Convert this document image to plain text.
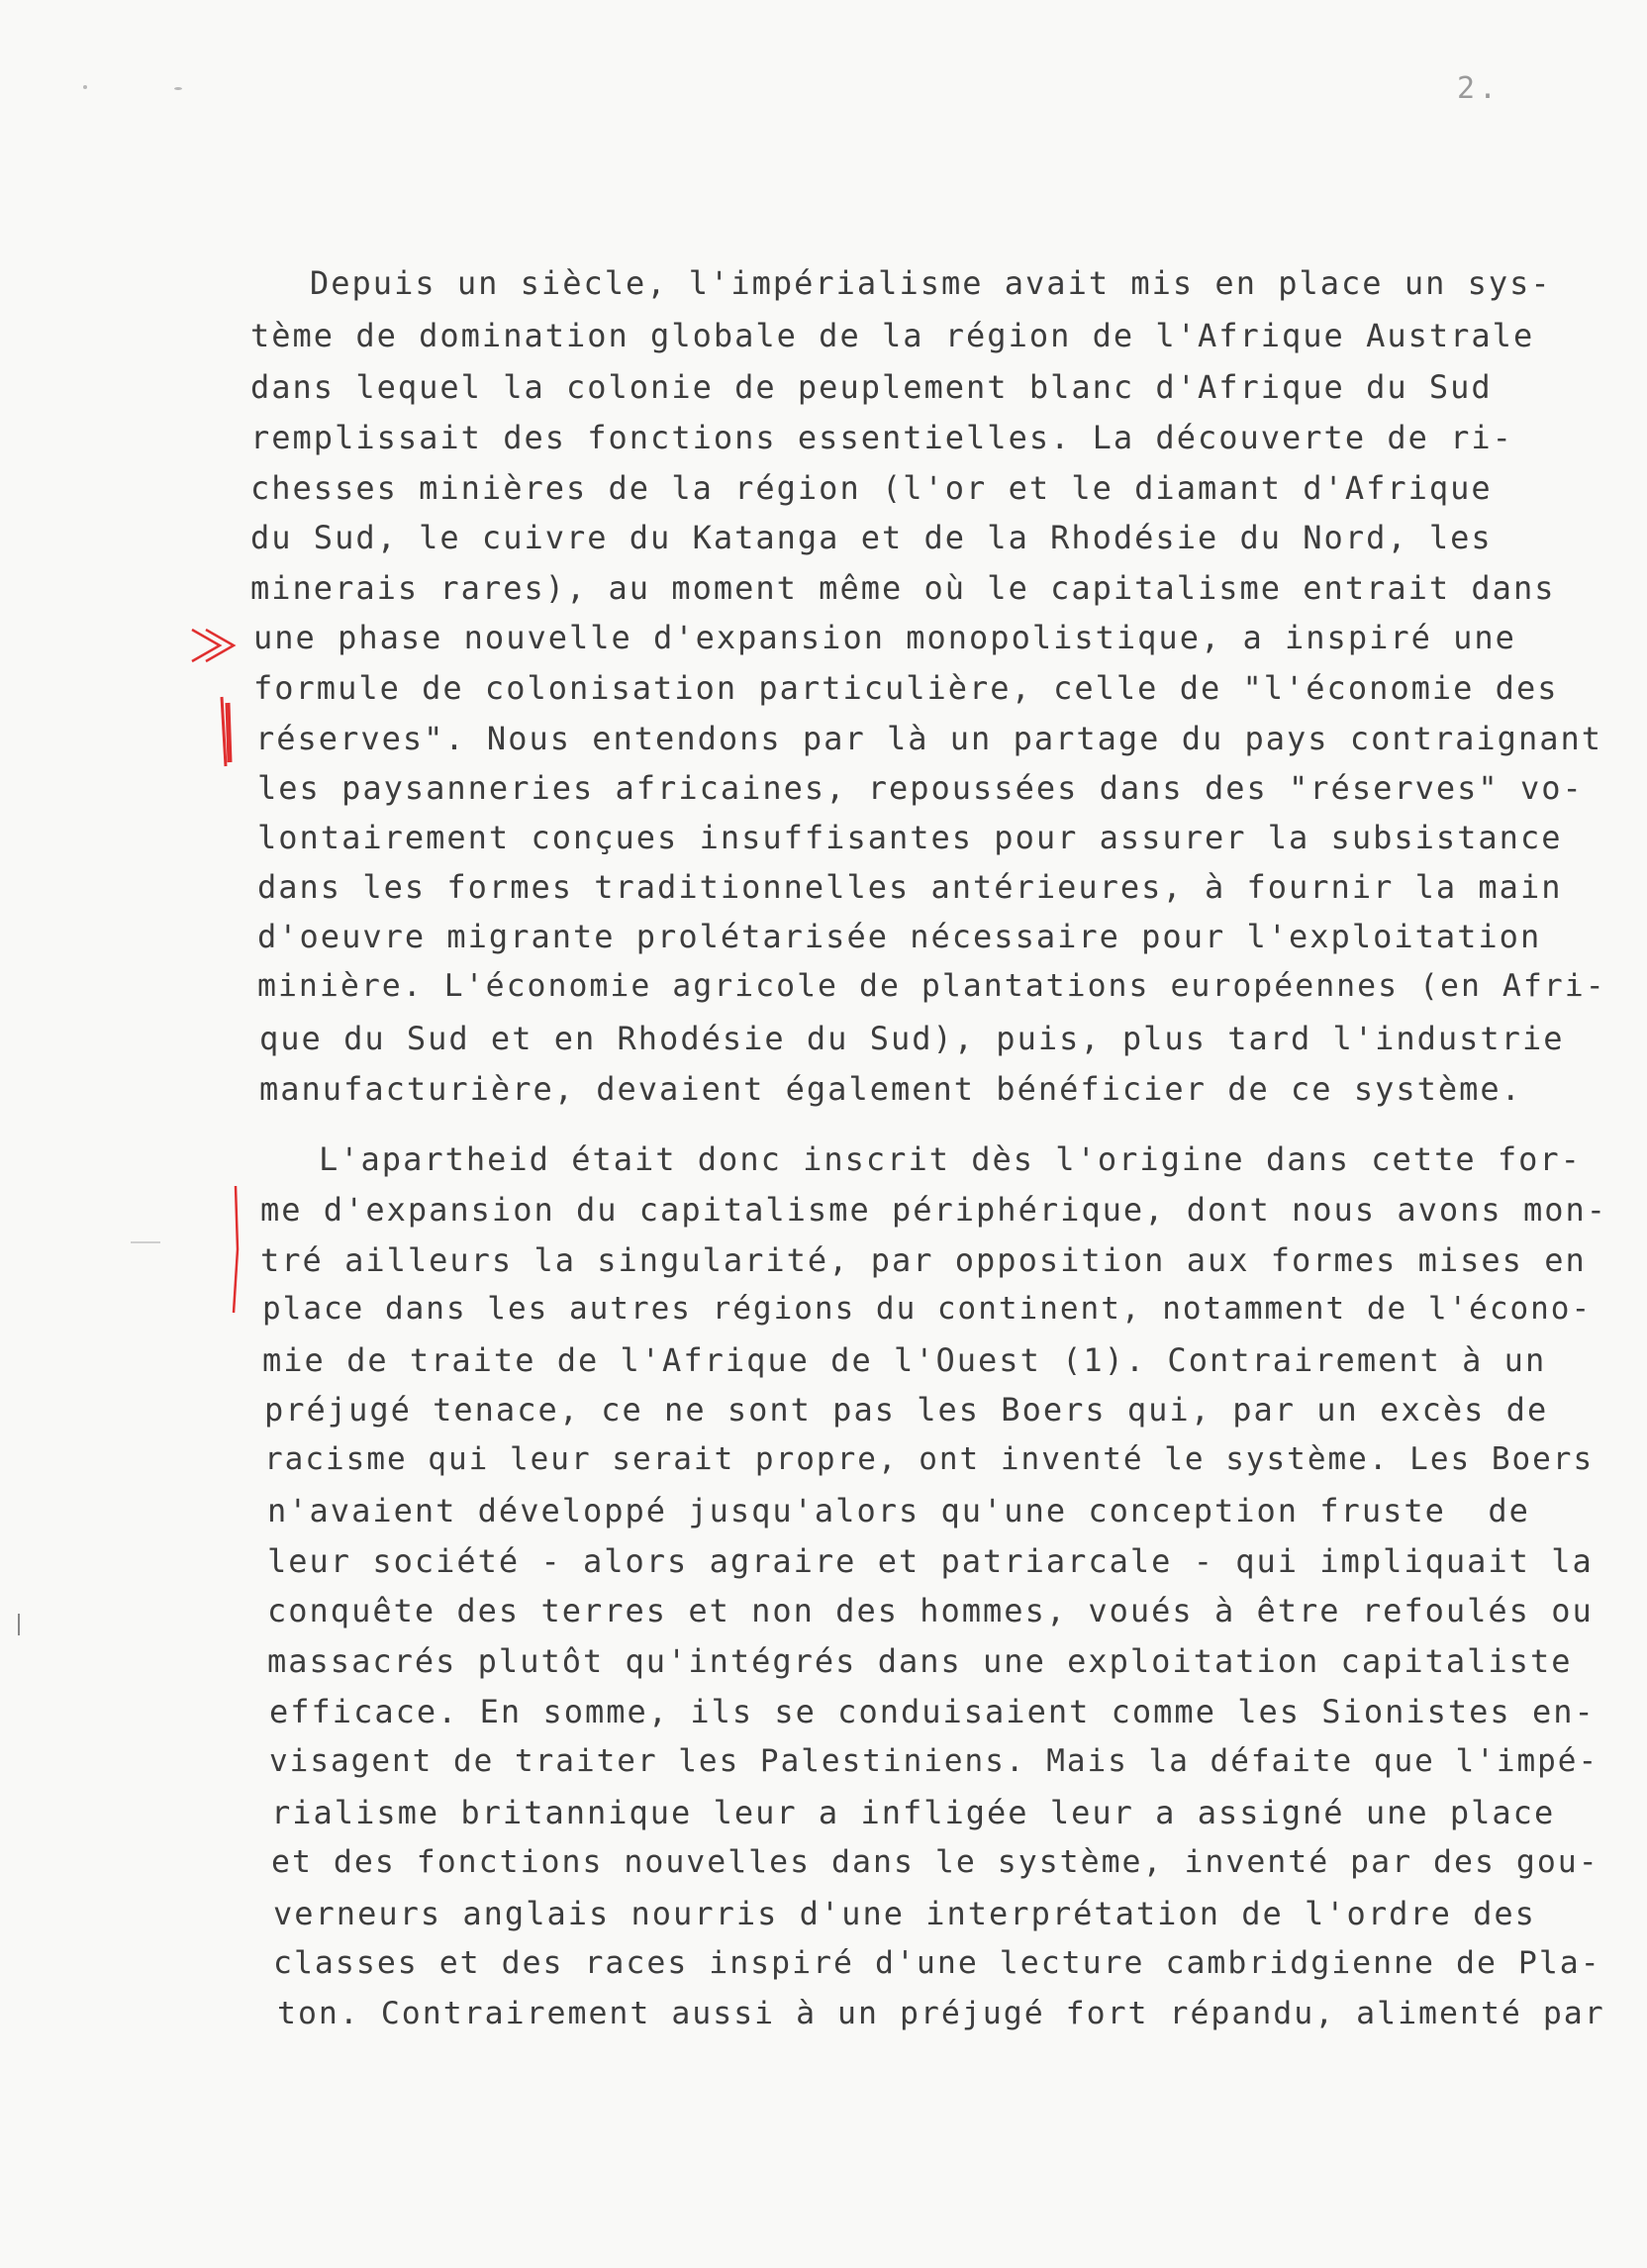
2.
Depuis un siècle, l'impérialisme avait mis en place un sys-
tème de domination globale de la région de l'Afrique Australe
dans lequel la colonie de peuplement blanc d'Afrique du Sud
remplissait des fonctions essentielles. La découverte de ri-
chesses minières de la région (l'or et le diamant d'Afrique
du Sud, le cuivre du Katanga et de la Rhodésie du Nord, les
minerais rares), au moment même où le capitalisme entrait dans
une phase nouvelle d'expansion monopolistique, a inspiré une
formule de colonisation particulière, celle de "l'économie des
réserves". Nous entendons par là un partage du pays contraignant
les paysanneries africaines, repoussées dans des "réserves" vo-
lontairement conçues insuffisantes pour assurer la subsistance
dans les formes traditionnelles antérieures, à fournir la main
d'oeuvre migrante prolétarisée nécessaire pour l'exploitation
minière. L'économie agricole de plantations européennes (en Afri-
que du Sud et en Rhodésie du Sud), puis, plus tard l'industrie
manufacturière, devaient également bénéficier de ce système.
L'apartheid était donc inscrit dès l'origine dans cette for-
me d'expansion du capitalisme périphérique, dont nous avons mon-
tré ailleurs la singularité, par opposition aux formes mises en
place dans les autres régions du continent, notamment de l'écono-
mie de traite de l'Afrique de l'Ouest (1). Contrairement à un
préjugé tenace, ce ne sont pas les Boers qui, par un excès de
racisme qui leur serait propre, ont inventé le système. Les Boers
n'avaient développé jusqu'alors qu'une conception fruste  de
leur société - alors agraire et patriarcale - qui impliquait la
conquête des terres et non des hommes, voués à être refoulés ou
massacrés plutôt qu'intégrés dans une exploitation capitaliste
efficace. En somme, ils se conduisaient comme les Sionistes en-
visagent de traiter les Palestiniens. Mais la défaite que l'impé-
rialisme britannique leur a infligée leur a assigné une place
et des fonctions nouvelles dans le système, inventé par des gou-
verneurs anglais nourris d'une interprétation de l'ordre des
classes et des races inspiré d'une lecture cambridgienne de Pla-
ton. Contrairement aussi à un préjugé fort répandu, alimenté par
